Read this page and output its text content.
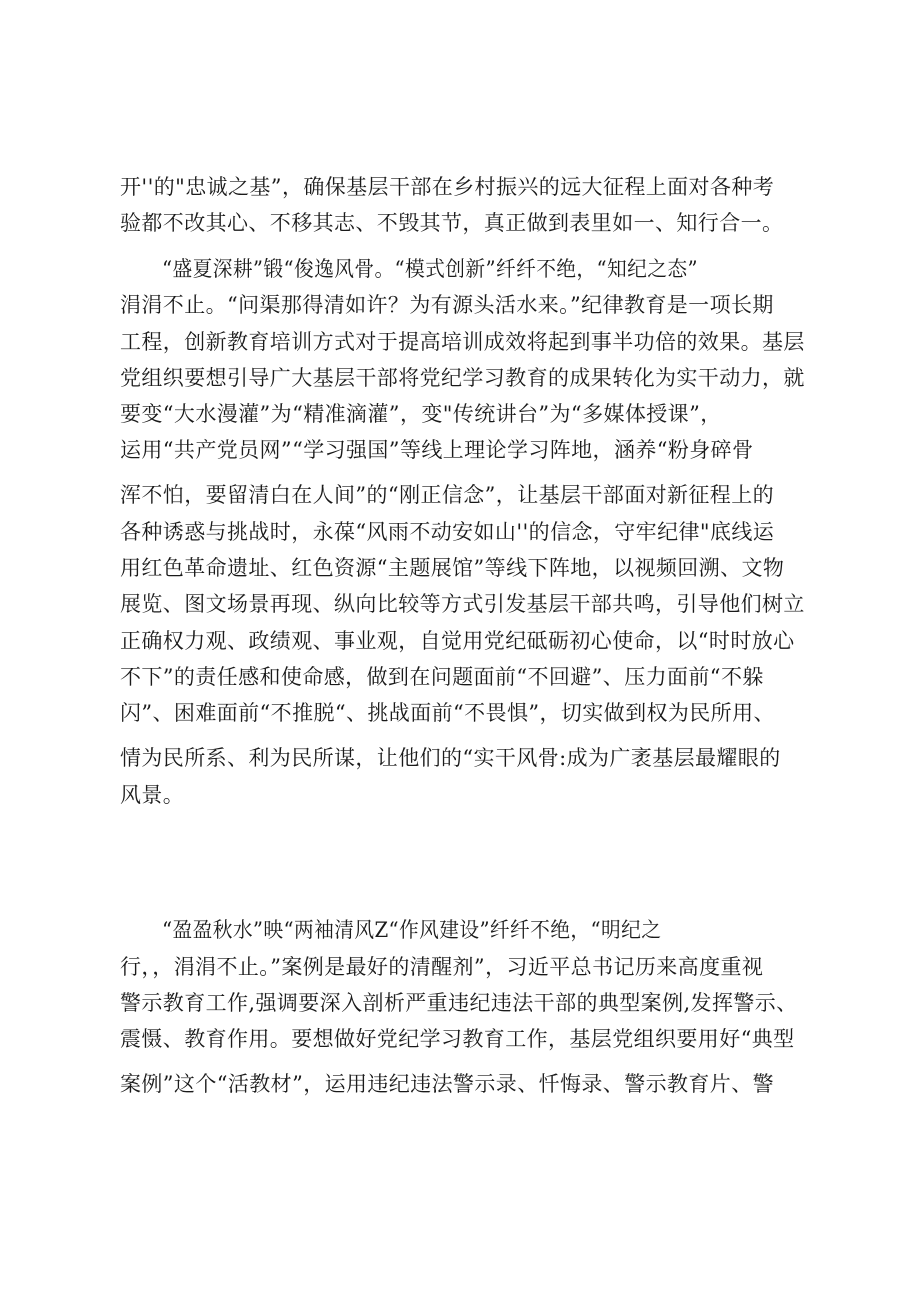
开''的"忠诚之基”，确保基层干部在乡村振兴的远大征程上面对各种考
验都不改其心、不移其志、不毁其节，真正做到表里如一、知行合一。
“盛夏深耕”锻“俊逸风骨。“模式创新”纤纤不绝，“知纪之态”
涓涓不止。“问渠那得清如许？为有源头活水来。”纪律教育是一项长期
工程，创新教育培训方式对于提高培训成效将起到事半功倍的效果。基层
党组织要想引导广大基层干部将党纪学习教育的成果转化为实干动力，就
要变“大水漫灌”为“精准滴灌”，变"传统讲台”为“多媒体授课”，
运用“共产党员网”“学习强国”等线上理论学习阵地，涵养“粉身碎骨
浑不怕，要留清白在人间”的“刚正信念”，让基层干部面对新征程上的
各种诱惑与挑战时，永葆“风雨不动安如山''的信念，守牢纪律"底线运
用红色革命遗址、红色资源“主题展馆”等线下阵地，以视频回溯、文物
展览、图文场景再现、纵向比较等方式引发基层干部共鸣，引导他们树立
正确权力观、政绩观、事业观，自觉用党纪砥砺初心使命，以“时时放心
不下”的责任感和使命感，做到在问题面前“不回避”、压力面前“不躲
闪”、困难面前“不推脱“、挑战面前“不畏惧”，切实做到权为民所用、
情为民所系、利为民所谋，让他们的“实干风骨:成为广袤基层最耀眼的
风景。
“盈盈秋水”映“两袖清风Z“作风建设”纤纤不绝，“明纪之
行，，涓涓不止。”案例是最好的清醒剂”，习近平总书记历来高度重视
警示教育工作,强调要深入剖析严重违纪违法干部的典型案例,发挥警示、
震慑、教育作用。要想做好党纪学习教育工作，基层党组织要用好“典型
案例”这个“活教材”，运用违纪违法警示录、忏悔录、警示教育片、警
